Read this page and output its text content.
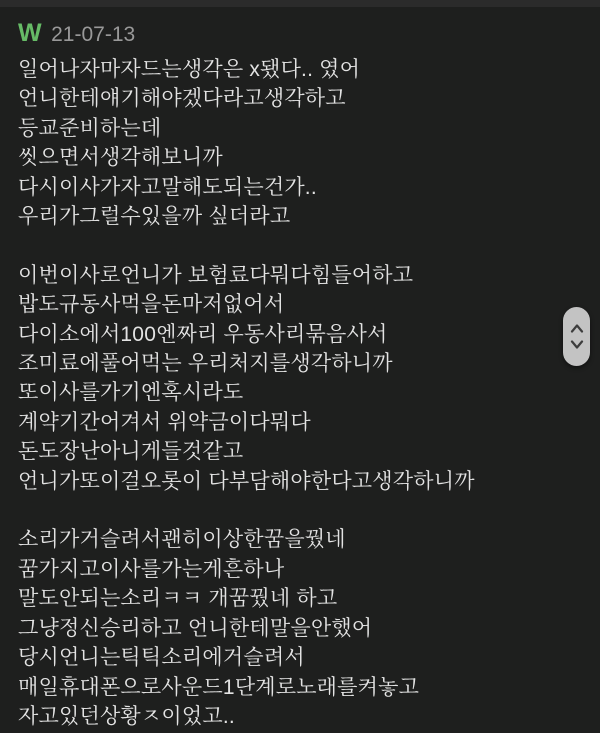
W 21-07-13
일어나자마자드는생각은 x됐다.. 였어
언니한테얘기해야겠다라고생각하고
등교준비하는데
씻으면서생각해보니까
다시이사가자고말해도되는건가..
우리가그럴수있을까 싶더라고
이번이사로언니가 보험료다뭐다힘들어하고
밥도규동사먹을돈마저없어서
다이소에서100엔짜리 우동사리묶음사서
조미료에풀어먹는 우리처지를생각하니까
또이사를가기엔혹시라도
계약기간어겨서 위약금이다뭐다
돈도장난아니게들것같고
언니가또이걸오롯이 다부담해야한다고생각하니까
소리가거슬려서괜히이상한꿈을꿨네
꿈가지고이사를가는게흔하나
말도안되는소리ㅋㅋ 개꿈꿨네 하고
그냥정신승리하고 언니한테말을안했어
당시언니는틱틱소리에거슬려서
매일휴대폰으로사운드1단계로노래를켜놓고
자고있던상황ㅈ이었고..
